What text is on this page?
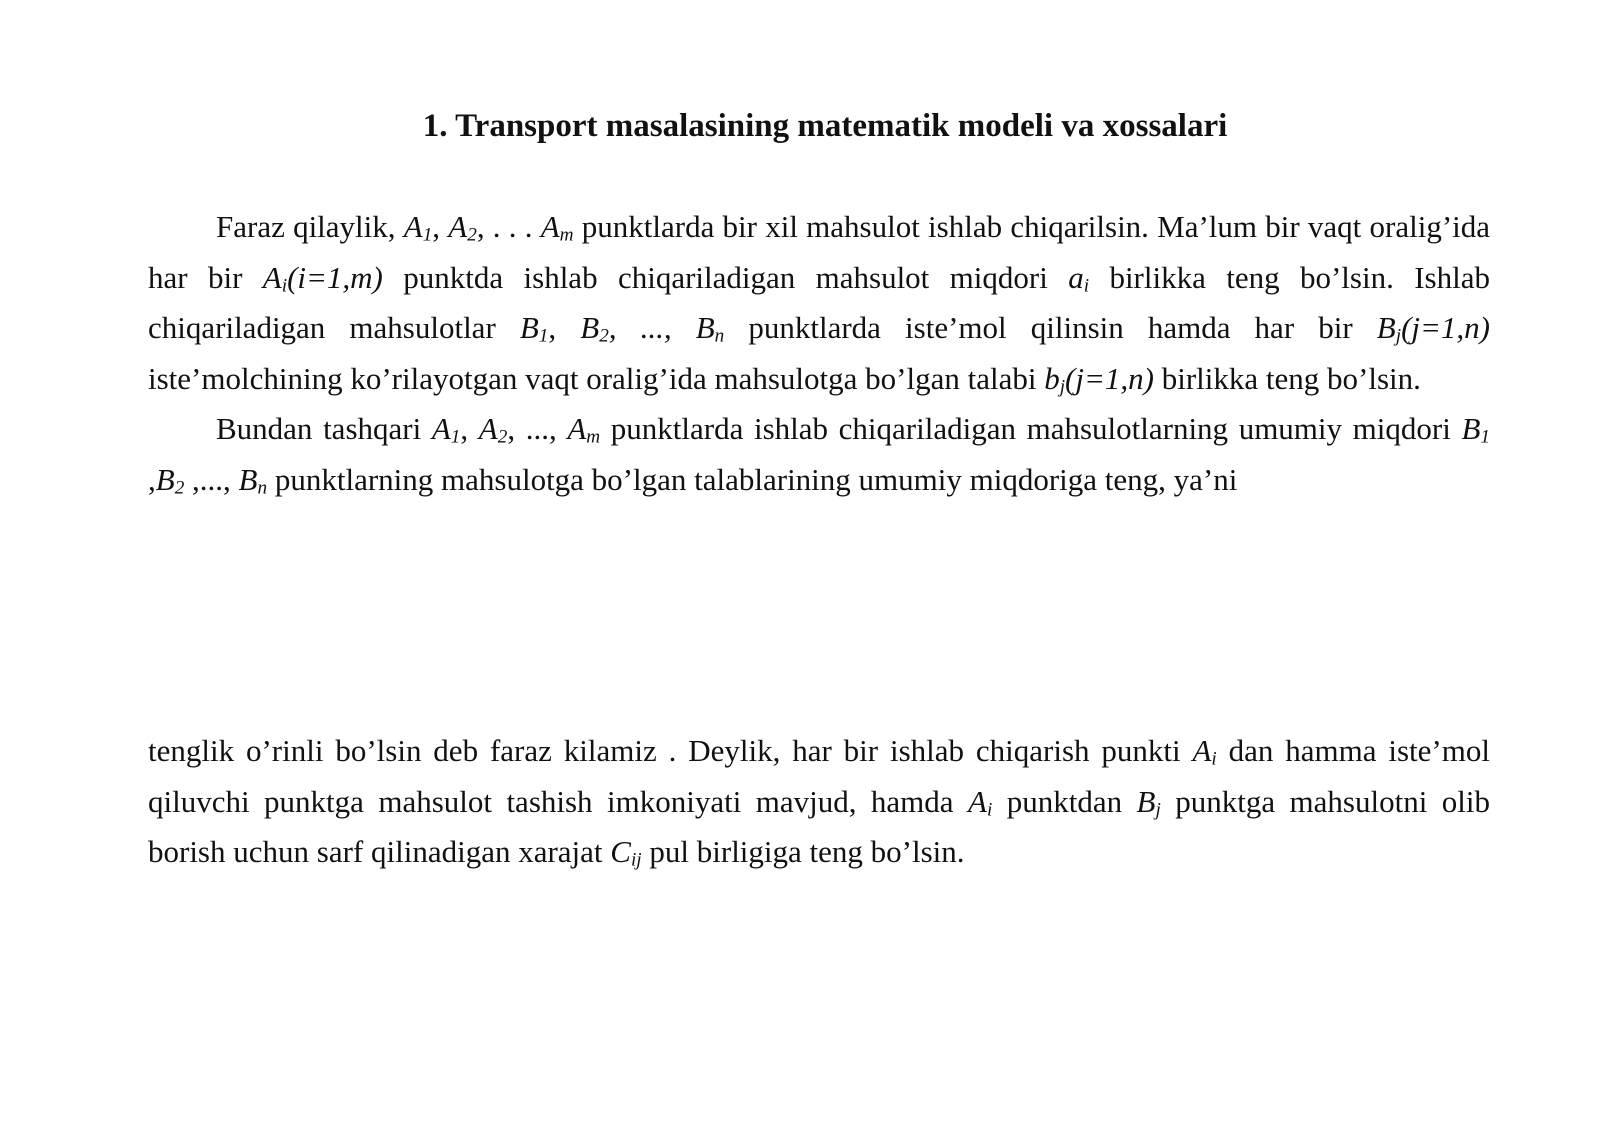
1. Transport masalasining matematik modeli va xossalari

Faraz qilaylik, $A_1$, $A_2$, . . . $A_m$ punktlarda bir xil mahsulot ishlab chiqarilsin. Ma’lum bir vaqt oralig’ida har bir $A_i(i=1,m)$ punktda ishlab chiqariladigan mahsulot miqdori $a_i$ birlikka teng bo’lsin. Ishlab chiqariladigan mahsulotlar $B_1$, $B_2$, ..., $B_n$ punktlarda iste’mol qilinsin hamda har bir $B_j(j=1,n)$ iste’molchining ko’rilayotgan vaqt oralig’ida mahsulotga bo’lgan talabi $b_j(j=1,n)$ birlikka teng bo’lsin.

Bundan tashqari $A_1$, $A_2$, ..., $A_m$ punktlarda ishlab chiqariladigan mahsulotlarning umumiy miqdori $B_1$ $,B_2$ ,..., $B_n$ punktlarning mahsulotga bo’lgan talablarining umumiy miqdoriga teng, ya’ni

tenglik o’rinli bo’lsin deb faraz kilamiz . Deylik, har bir ishlab chiqarish punkti $A_i$ dan hamma iste’mol qiluvchi punktga mahsulot tashish imkoniyati mavjud, hamda $A_i$ punktdan $B_j$ punktga mahsulotni olib borish uchun sarf qilinadigan xarajat $C_{ij}$ pul birligiga teng bo’lsin.
